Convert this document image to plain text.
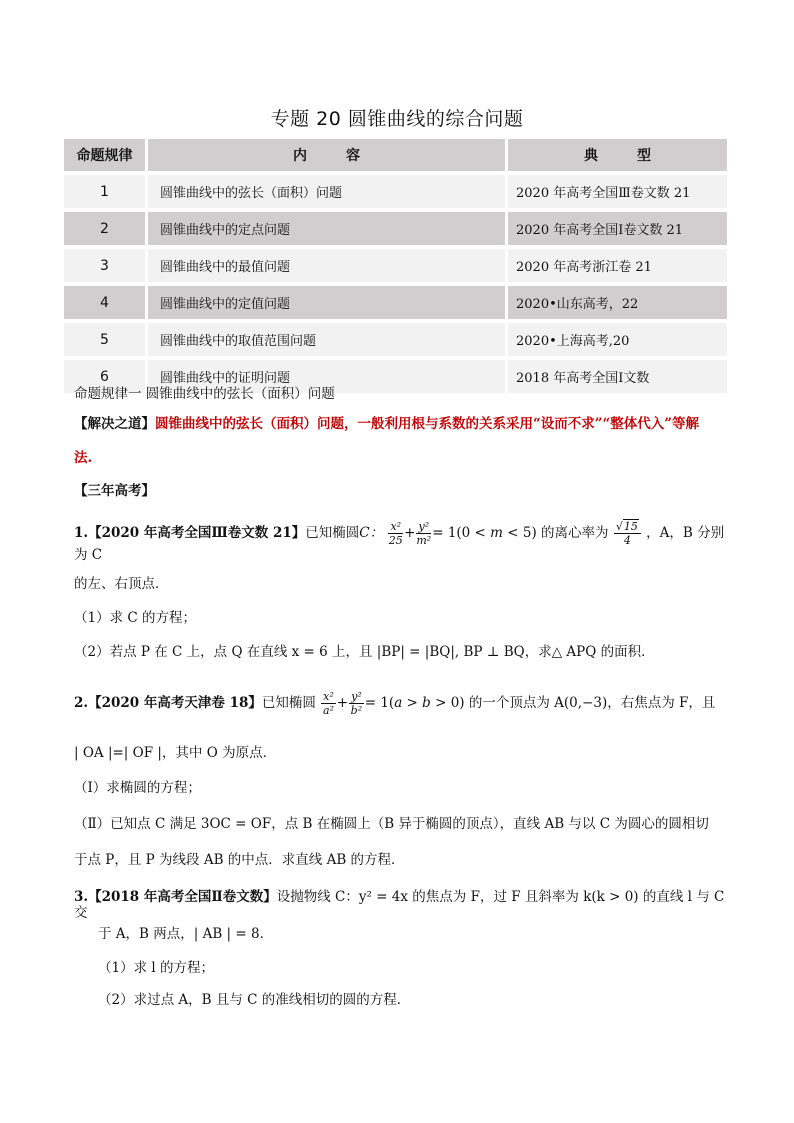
专题 20 圆锥曲线的综合问题
命题规律	内        容	典        型
1	圆锥曲线中的弦长（面积）问题	2020 年高考全国Ⅲ卷文数 21
2	圆锥曲线中的定点问题	2020 年高考全国Ⅰ卷文数 21
3	圆锥曲线中的最值问题	2020 年高考浙江卷 21
4	圆锥曲线中的定值问题	2020•山东高考，22
5	圆锥曲线中的取值范围问题	2020•上海高考,20
6	圆锥曲线中的证明问题	2018 年高考全国Ⅰ文数
命题规律一 圆锥曲线中的弦长（面积）问题
【解决之道】圆锥曲线中的弦长（面积）问题，一般利用根与系数的关系采用“设而不求”“整体代入”等解
法.
【三年高考】
1.【2020 年高考全国Ⅲ卷文数 21】已知椭圆C： $\frac{\text{x²}}{25} + \frac{\text{y²}}{\text{m²}} = 1(0 < m < 5)$ 的离心率为 $\frac{√15}{4}$ ，A，B 分别为 C
的左、右顶点．
（1）求 C 的方程；
（2）若点 P 在 C 上，点 Q 在直线 x = 6 上，且 |BP| = |BQ|, BP ⊥ BQ，求△ APQ 的面积．
2.【2020 年高考天津卷 18】已知椭圆 $\frac{\text{x²}}{\text{a²}} + \frac{\text{y²}}{\text{b²}} = 1(a > b > 0)$ 的一个顶点为 A(0,−3)，右焦点为 F，且
| OA |=| OF |，其中 O 为原点．
（Ⅰ）求椭圆的方程；
（Ⅱ）已知点 C 满足 3OC = OF，点 B 在椭圆上（B 异于椭圆的顶点），直线 AB 与以 C 为圆心的圆相切
于点 P，且 P 为线段 AB 的中点．求直线 AB 的方程．
3.【2018 年高考全国Ⅱ卷文数】设抛物线 C：y² = 4x 的焦点为 F，过 F 且斜率为 k(k > 0) 的直线 l 与 C 交
于 A，B 两点，| AB | = 8．
（1）求 l 的方程；
（2）求过点 A，B 且与 C 的准线相切的圆的方程．
